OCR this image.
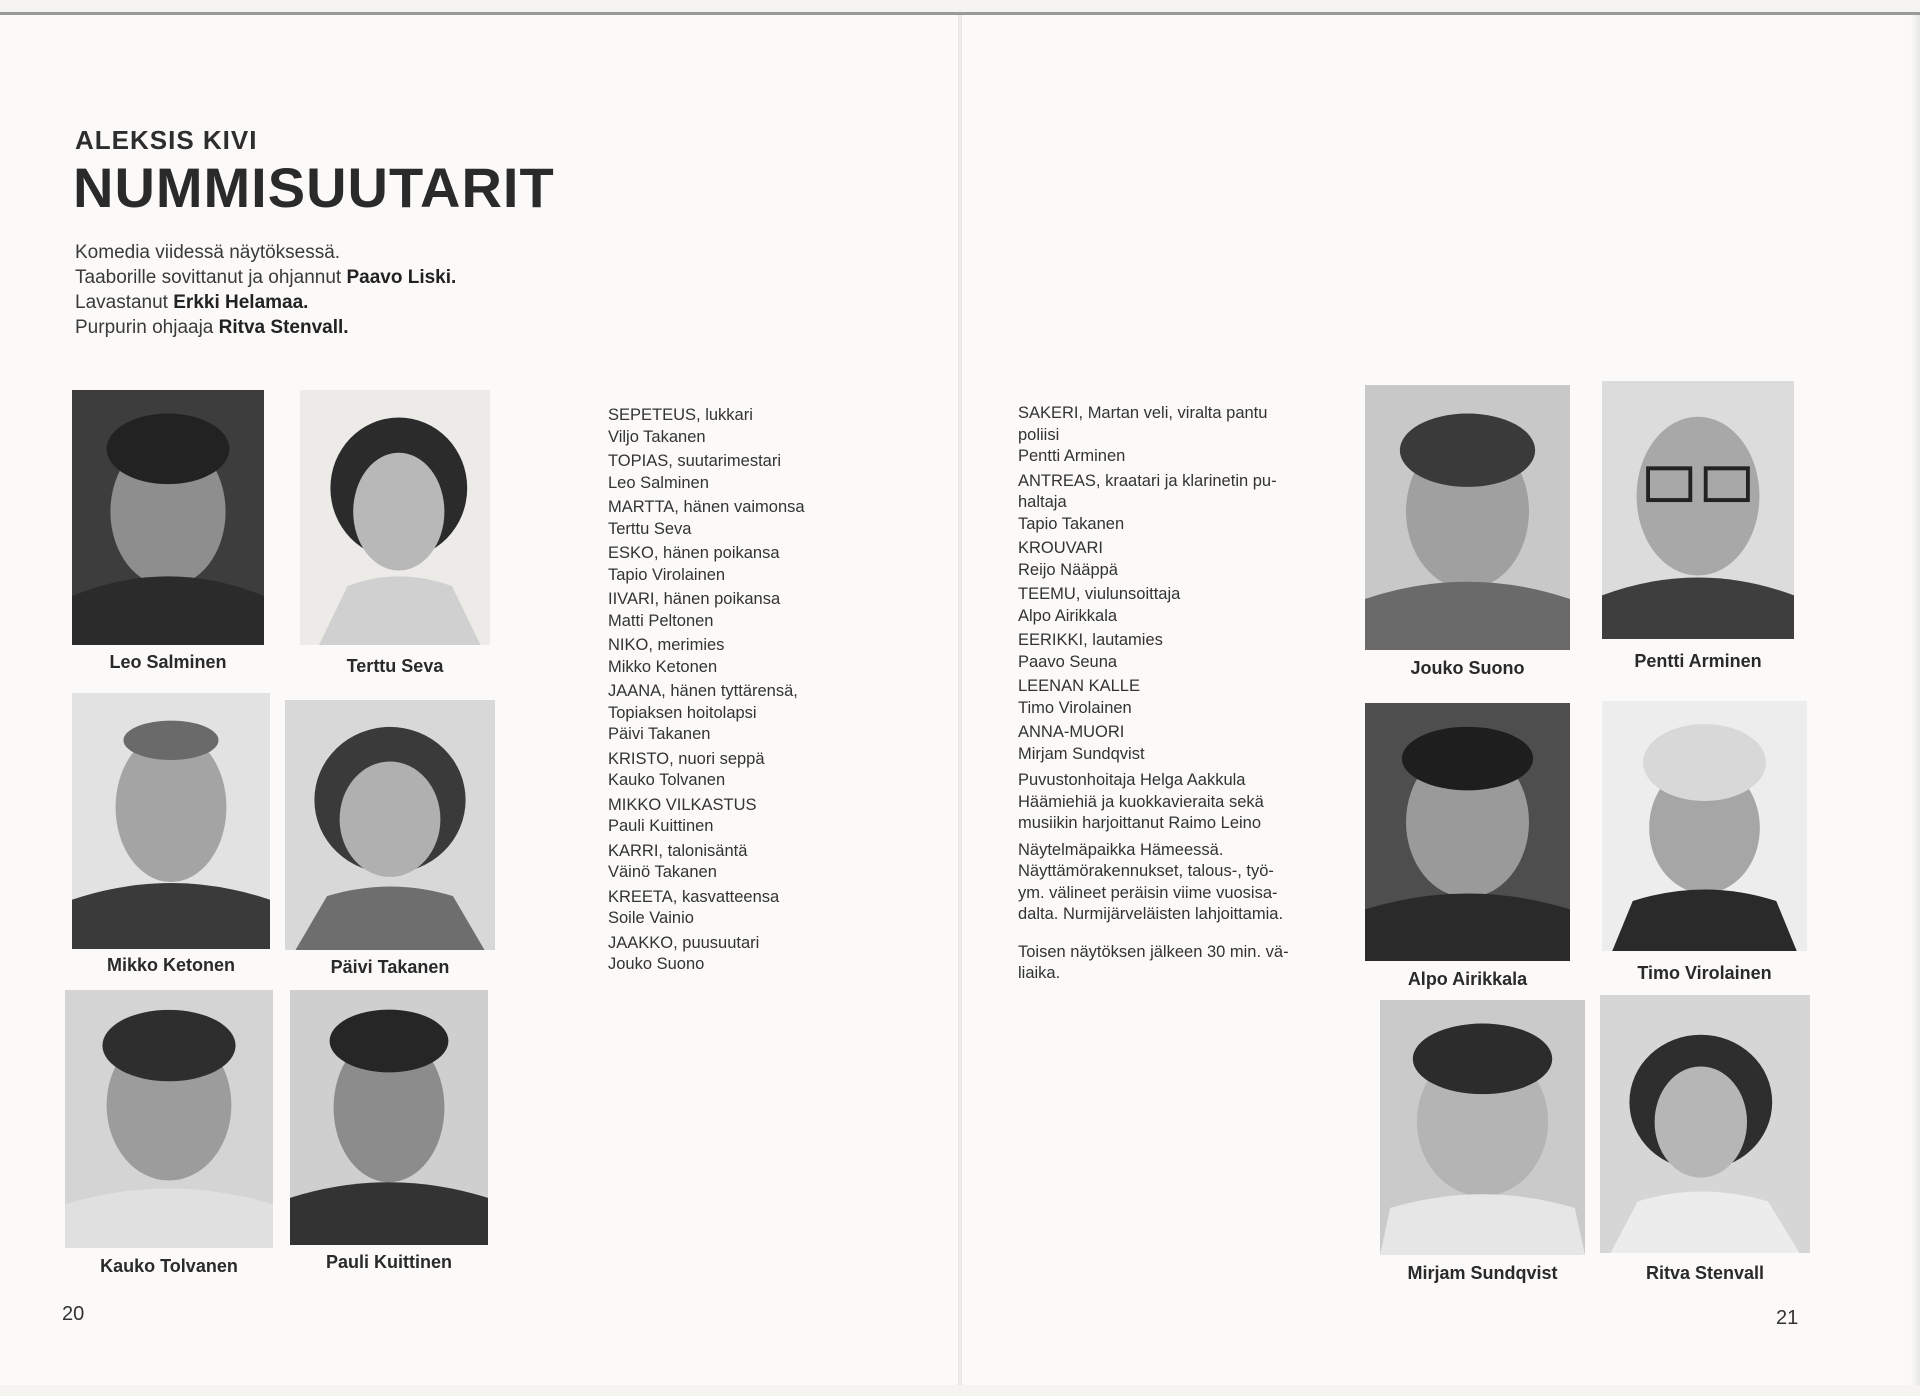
ALEKSIS KIVI
NUMMISUUTARIT
Komedia viidessä näytöksessä.
Taaborille sovittanut ja ohjannut Paavo Liski.
Lavastanut Erkki Helamaa.
Purpurin ohjaaja Ritva Stenvall.
Leo Salminen	Terttu Seva
Mikko Ketonen	Päivi Takanen
Kauko Tolvanen	Pauli Kuittinen
SEPETEUS, lukkari
Viljo Takanen
TOPIAS, suutarimestari
Leo Salminen
MARTTA, hänen vaimonsa
Terttu Seva
ESKO, hänen poikansa
Tapio Virolainen
IIVARI, hänen poikansa
Matti Peltonen
NIKO, merimies
Mikko Ketonen
JAANA, hänen tyttärensä,
Topiaksen hoitolapsi
Päivi Takanen
KRISTO, nuori seppä
Kauko Tolvanen
MIKKO VILKASTUS
Pauli Kuittinen
KARRI, talonisäntä
Väinö Takanen
KREETA, kasvatteensa
Soile Vainio
JAAKKO, puusuutari
Jouko Suono
20
SAKERI, Martan veli, viralta pantu
poliisi
Pentti Arminen
ANTREAS, kraatari ja klarinetin pu-
haltaja
Tapio Takanen
KROUVARI
Reijo Nääppä
TEEMU, viulunsoittaja
Alpo Airikkala
EERIKKI, lautamies
Paavo Seuna
LEENAN KALLE
Timo Virolainen
ANNA-MUORI
Mirjam Sundqvist
Puvustonhoitaja Helga Aakkula
Häämiehiä ja kuokkavieraita sekä
musiikin harjoittanut Raimo Leino
Näytelmäpaikka Hämeessä.
Näyttämörakennukset, talous-, työ-
ym. välineet peräisin viime vuosisa-
dalta. Nurmijärveläisten lahjoittamia.
Toisen näytöksen jälkeen 30 min. vä-
liaika.
Jouko Suono	Pentti Arminen
Alpo Airikkala	Timo Virolainen
Mirjam Sundqvist	Ritva Stenvall
21
